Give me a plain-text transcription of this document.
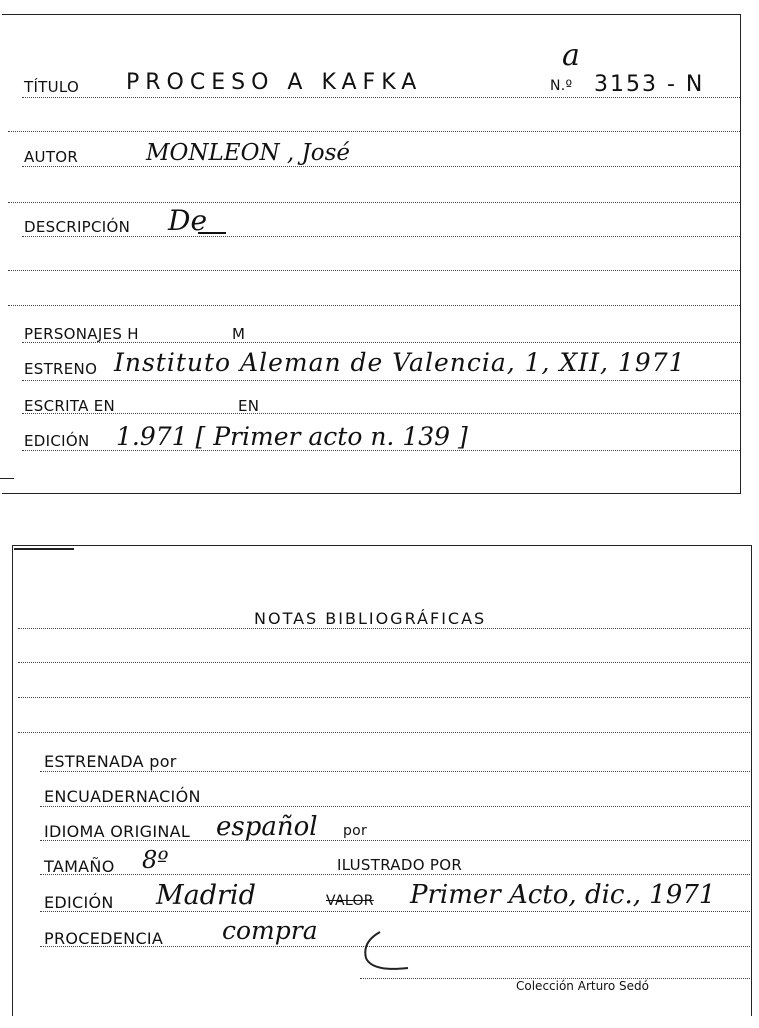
TÍTULO PROCESO A KAFKA
a
N.º 3153 - N
AUTOR	MONLEON , José
DESCRIPCIÓN De
PERSONAJES H	M
ESTRENO Instituto Aleman de Valencia, 1, XII, 1971
ESCRITA EN	EN
EDICIÓN 1.971 [ Primer acto n. 139 ]
NOTAS BIBLIOGRÁFICAS
ESTRENADA por
ENCUADERNACIÓN
IDIOMA ORIGINAL español por
TAMAÑO 8º	ILUSTRADO POR
EDICIÓN Madrid	VALOR Primer Acto, dic., 1971
PROCEDENCIA compra
Colección Arturo Sedó
